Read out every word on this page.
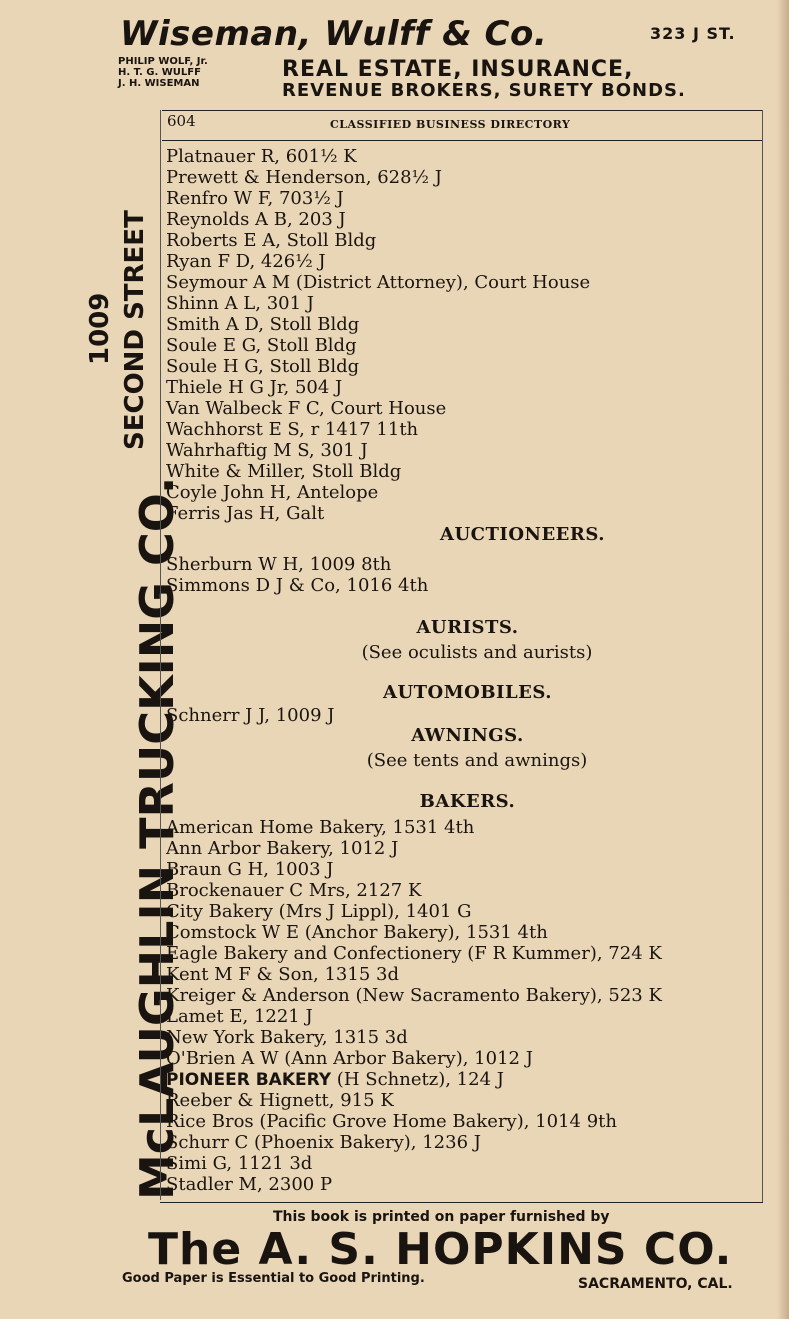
Wiseman, Wulff & Co.	323 J ST.
PHILIP WOLF, Jr.
H. T. G. WULFF
J. H. WISEMAN
REAL ESTATE, INSURANCE,
REVENUE BROKERS, SURETY BONDS.
McLAUGHLIN TRUCKING CO.
1009 SECOND STREET
604	CLASSIFIED BUSINESS DIRECTORY
Platnauer R, 601½ K
Prewett & Henderson, 628½ J
Renfro W F, 703½ J
Reynolds A B, 203 J
Roberts E A, Stoll Bldg
Ryan F D, 426½ J
Seymour A M (District Attorney), Court House
Shinn A L, 301 J
Smith A D, Stoll Bldg
Soule E G, Stoll Bldg
Soule H G, Stoll Bldg
Thiele H G Jr, 504 J
Van Walbeck F C, Court House
Wachhorst E S, r 1417 11th
Wahrhaftig M S, 301 J
White & Miller, Stoll Bldg
Coyle John H, Antelope
Ferris Jas H, Galt
AUCTIONEERS.
Sherburn W H, 1009 8th
Simmons D J & Co, 1016 4th
AURISTS.
(See oculists and aurists)
AUTOMOBILES.
Schnerr J J, 1009 J
AWNINGS.
(See tents and awnings)
BAKERS.
American Home Bakery, 1531 4th
Ann Arbor Bakery, 1012 J
Braun G H, 1003 J
Brockenauer C Mrs, 2127 K
City Bakery (Mrs J Lippl), 1401 G
Comstock W E (Anchor Bakery), 1531 4th
Eagle Bakery and Confectionery (F R Kummer), 724 K
Kent M F & Son, 1315 3d
Kreiger & Anderson (New Sacramento Bakery), 523 K
Lamet E, 1221 J
New York Bakery, 1315 3d
O'Brien A W (Ann Arbor Bakery), 1012 J
PIONEER BAKERY (H Schnetz), 124 J
Reeber & Hignett, 915 K
Rice Bros (Pacific Grove Home Bakery), 1014 9th
Schurr C (Phoenix Bakery), 1236 J
Simi G, 1121 3d
Stadler M, 2300 P
This book is printed on paper furnished by
The A. S. HOPKINS CO.
Good Paper is Essential to Good Printing.	SACRAMENTO, CAL.
